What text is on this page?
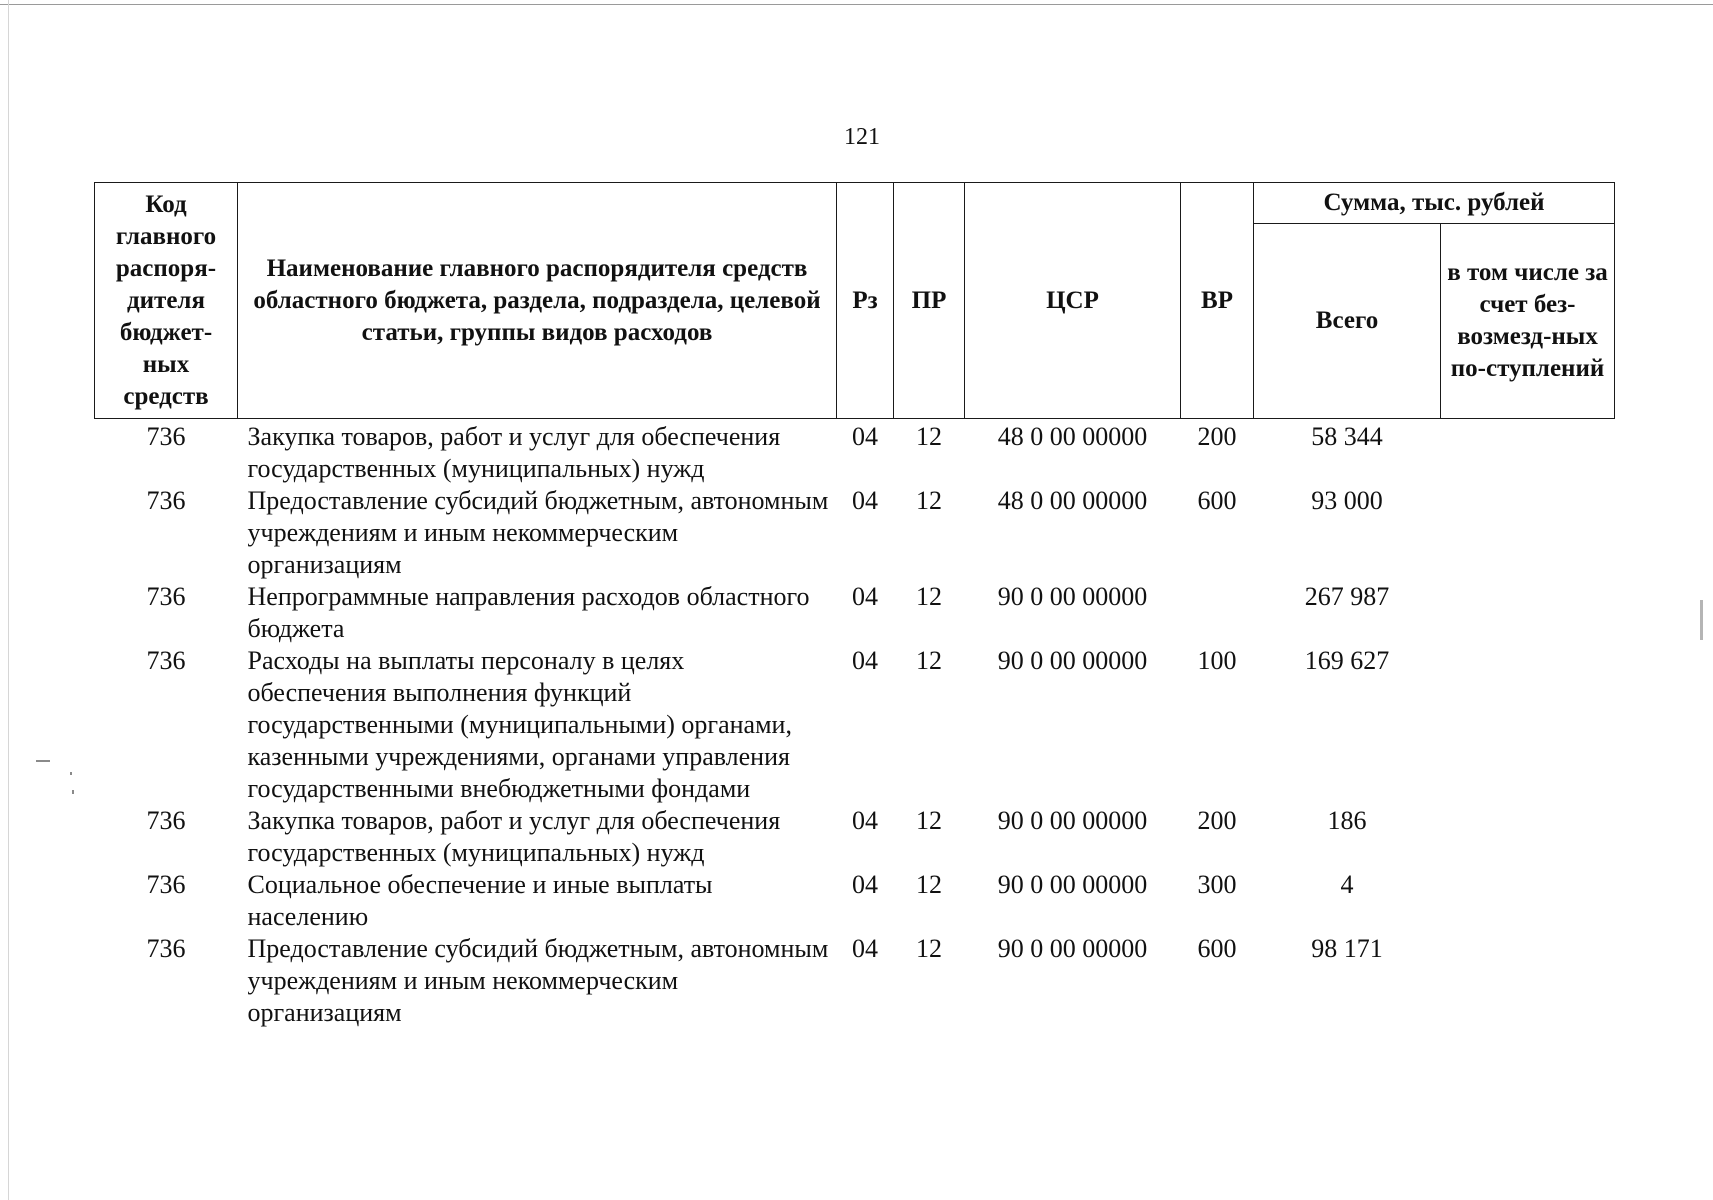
121
Код главного распоря-дителя бюджет-ных средств	Наименование главного распорядителя средств областного бюджета, раздела, подраздела, целевой статьи, группы видов расходов	Рз	ПР	ЦСР	ВР	Сумма, тыс. рублей	
						Всего	в том числе за счет без-возмезд-ных по-ступлений
736	Закупка товаров, работ и услуг для обеспечения государственных (муниципальных) нужд	04	12	48 0 00 00000	200	58 344	
736	Предоставление субсидий бюджетным, автономным учреждениям и иным некоммерческим организациям	04	12	48 0 00 00000	600	93 000	
736	Непрограммные направления расходов областного бюджета	04	12	90 0 00 00000		267 987	
736	Расходы на выплаты персоналу в целях обеспечения выполнения функций государственными (муниципальными) органами, казенными учреждениями, органами управления государственными внебюджетными фондами	04	12	90 0 00 00000	100	169 627	
736	Закупка товаров, работ и услуг для обеспечения государственных (муниципальных) нужд	04	12	90 0 00 00000	200	186	
736	Социальное обеспечение и иные выплаты населению	04	12	90 0 00 00000	300	4	
736	Предоставление субсидий бюджетным, автономным учреждениям и иным некоммерческим организациям	04	12	90 0 00 00000	600	98 171	
